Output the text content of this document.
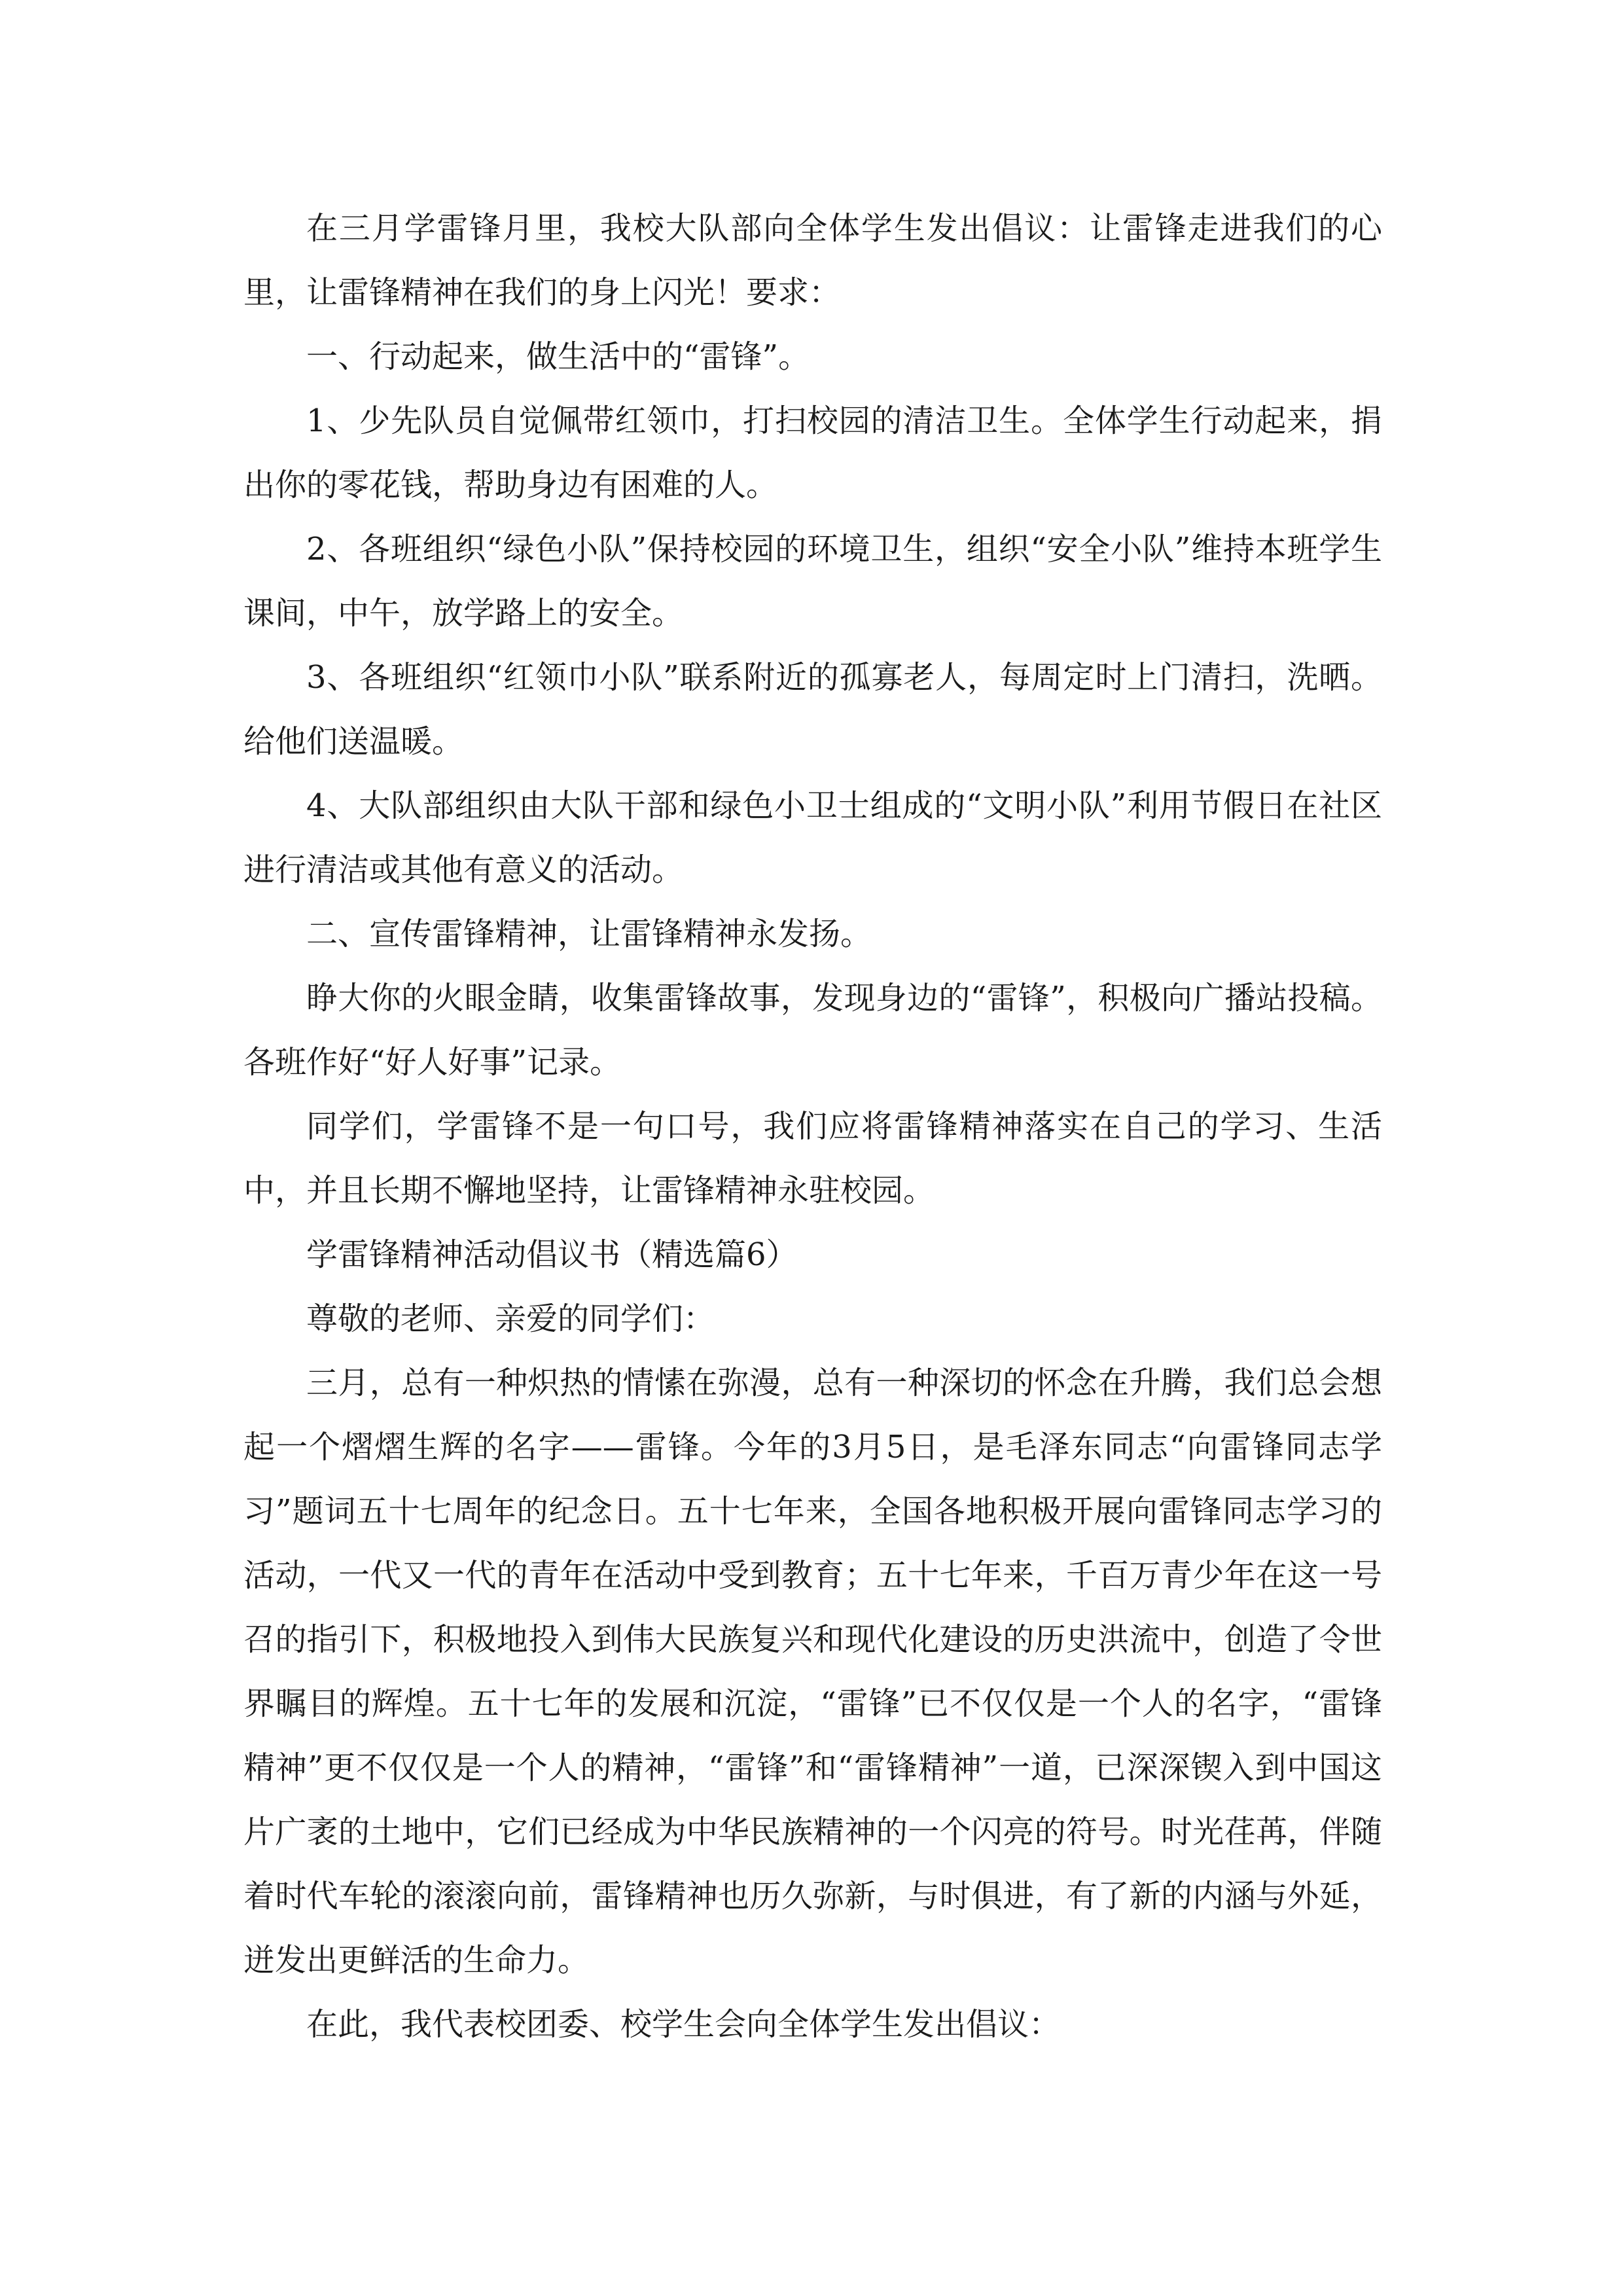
在三月学雷锋月里，我校大队部向全体学生发出倡议：让雷锋走进我们的心里，让雷锋精神在我们的身上闪光！要求：

一、行动起来，做生活中的“雷锋”。

1、少先队员自觉佩带红领巾，打扫校园的清洁卫生。全体学生行动起来，捐出你的零花钱，帮助身边有困难的人。

2、各班组织“绿色小队”保持校园的环境卫生，组织“安全小队”维持本班学生课间，中午，放学路上的安全。

3、各班组织“红领巾小队”联系附近的孤寡老人，每周定时上门清扫，洗晒。给他们送温暖。

4、大队部组织由大队干部和绿色小卫士组成的“文明小队”利用节假日在社区进行清洁或其他有意义的活动。

二、宣传雷锋精神，让雷锋精神永发扬。

睁大你的火眼金睛，收集雷锋故事，发现身边的“雷锋”，积极向广播站投稿。各班作好“好人好事”记录。

同学们，学雷锋不是一句口号，我们应将雷锋精神落实在自己的学习、生活中，并且长期不懈地坚持，让雷锋精神永驻校园。

学雷锋精神活动倡议书（精选篇6）

尊敬的老师、亲爱的同学们：

三月，总有一种炽热的情愫在弥漫，总有一种深切的怀念在升腾，我们总会想起一个熠熠生辉的名字——雷锋。今年的3月5日，是毛泽东同志“向雷锋同志学习”题词五十七周年的纪念日。五十七年来，全国各地积极开展向雷锋同志学习的活动，一代又一代的青年在活动中受到教育；五十七年来，千百万青少年在这一号召的指引下，积极地投入到伟大民族复兴和现代化建设的历史洪流中，创造了令世界瞩目的辉煌。五十七年的发展和沉淀，“雷锋”已不仅仅是一个人的名字，“雷锋精神”更不仅仅是一个人的精神，“雷锋”和“雷锋精神”一道，已深深锲入到中国这片广袤的土地中，它们已经成为中华民族精神的一个闪亮的符号。时光荏苒，伴随着时代车轮的滚滚向前，雷锋精神也历久弥新，与时俱进，有了新的内涵与外延，迸发出更鲜活的生命力。

在此，我代表校团委、校学生会向全体学生发出倡议：
